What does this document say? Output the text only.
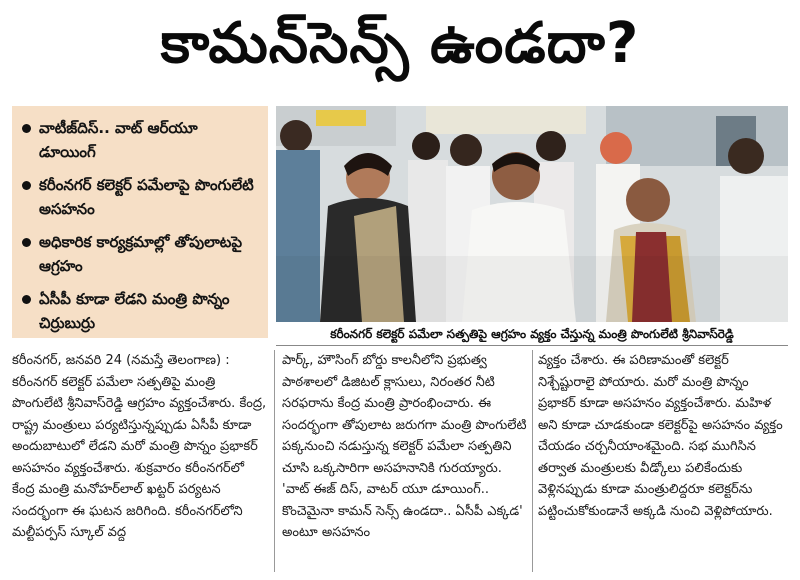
కామన్‌సెన్స్ ఉండదా?
వాటీజ్‌దిస్.. వాట్ ఆర్‌యూ డూయింగ్
కరీంనగర్ కలెక్టర్ పమేలాపై పొంగులేటి అసహనం
అధికారిక కార్యక్రమాల్లో తోపులాటపై ఆగ్రహం
ఏసీపీ కూడా లేడని మంత్రి పొన్నం చిర్రుబుర్రు
కరీంనగర్ కలెక్టర్ పమేలా సత్పతిపై ఆగ్రహం వ్యక్తం చేస్తున్న మంత్రి పొంగులేటి శ్రీనివాస్‌రెడ్డి

కరీంనగర్, జనవరి 24 (నమస్తే తెలంగాణ) : కరీంనగర్ కలెక్టర్ పమేలా సత్పతిపై మంత్రి పొంగులేటి శ్రీనివాస్‌రెడ్డి ఆగ్రహం వ్యక్తంచేశారు. కేంద్ర, రాష్ట్ర మంత్రులు పర్యటిస్తున్నప్పుడు ఏసీపీ కూడా అందుబాటులో లేడని మరో మంత్రి పొన్నం ప్రభాకర్ అసహనం వ్యక్తంచేశారు. శుక్రవారం కరీంనగర్‌లో కేంద్ర మంత్రి మనోహర్‌లాల్ ఖట్టర్ పర్యటన సందర్భంగా ఈ ఘటన జరిగింది. కరీంనగర్‌లోని మల్టీపర్పస్ స్కూల్ వద్ద

పార్క్, హౌసింగ్ బోర్డు కాలనీలోని ప్రభుత్వ పాఠశాలలో డిజిటల్ క్లాసులు, నిరంతర నీటి సరఫరాను కేంద్ర మంత్రి ప్రారంభించారు. ఈ సందర్భంగా తోపులాట జరుగగా మంత్రి పొంగులేటి పక్కనుంచి నడుస్తున్న కలెక్టర్ పమేలా సత్పతిని చూసి ఒక్కసారిగా అసహనానికి గురయ్యారు. 'వాట్ ఈజ్ దిస్, వాటర్ యూ డూయింగ్.. కొంచెమైనా కామన్ సెన్స్ ఉండదా.. ఏసీపీ ఎక్కడ' అంటూ అసహనం

వ్యక్తం చేశారు. ఈ పరిణామంతో కలెక్టర్ నిశ్చేష్టురాలై పోయారు. మరో మంత్రి పొన్నం ప్రభాకర్ కూడా అసహనం వ్యక్తంచేశారు. మహిళ అని కూడా చూడకుండా కలెక్టర్‌పై అసహనం వ్యక్తం చేయడం చర్చనీయాంశమైంది. సభ ముగిసిన తర్వాత మంత్రులకు వీడ్కోలు పలికేందుకు వెళ్లినప్పుడు కూడా మంత్రులిద్దరూ కలెక్టర్‌ను పట్టించుకోకుండానే అక్కడి నుంచి వెళ్లిపోయారు.
